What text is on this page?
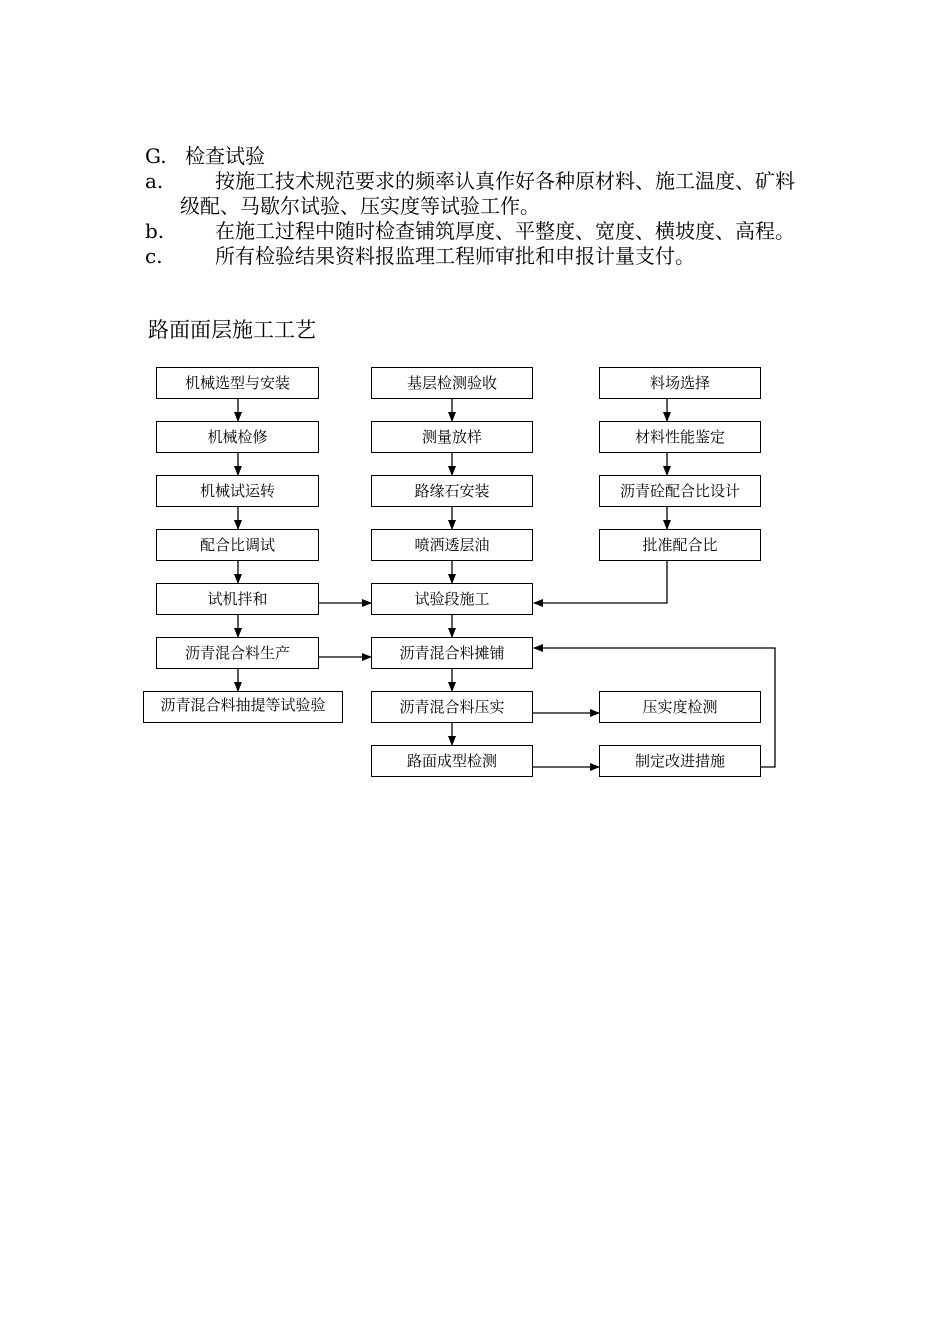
G. 检查试验
a.	按施工技术规范要求的频率认真作好各种原材料、施工温度、矿料
级配、马歇尔试验、压实度等试验工作。
b.	在施工过程中随时检查铺筑厚度、平整度、宽度、横坡度、高程。
c.	所有检验结果资料报监理工程师审批和申报计量支付。
路面面层施工工艺
机械选型与安装
机械检修
机械试运转
配合比调试
试机拌和
沥青混合料生产
沥青混合料抽提等试验验
基层检测验收
测量放样
路缘石安装
喷洒透层油
试验段施工
沥青混合料摊铺
沥青混合料压实
路面成型检测
料场选择
材料性能鉴定
沥青砼配合比设计
批准配合比
压实度检测
制定改进措施
